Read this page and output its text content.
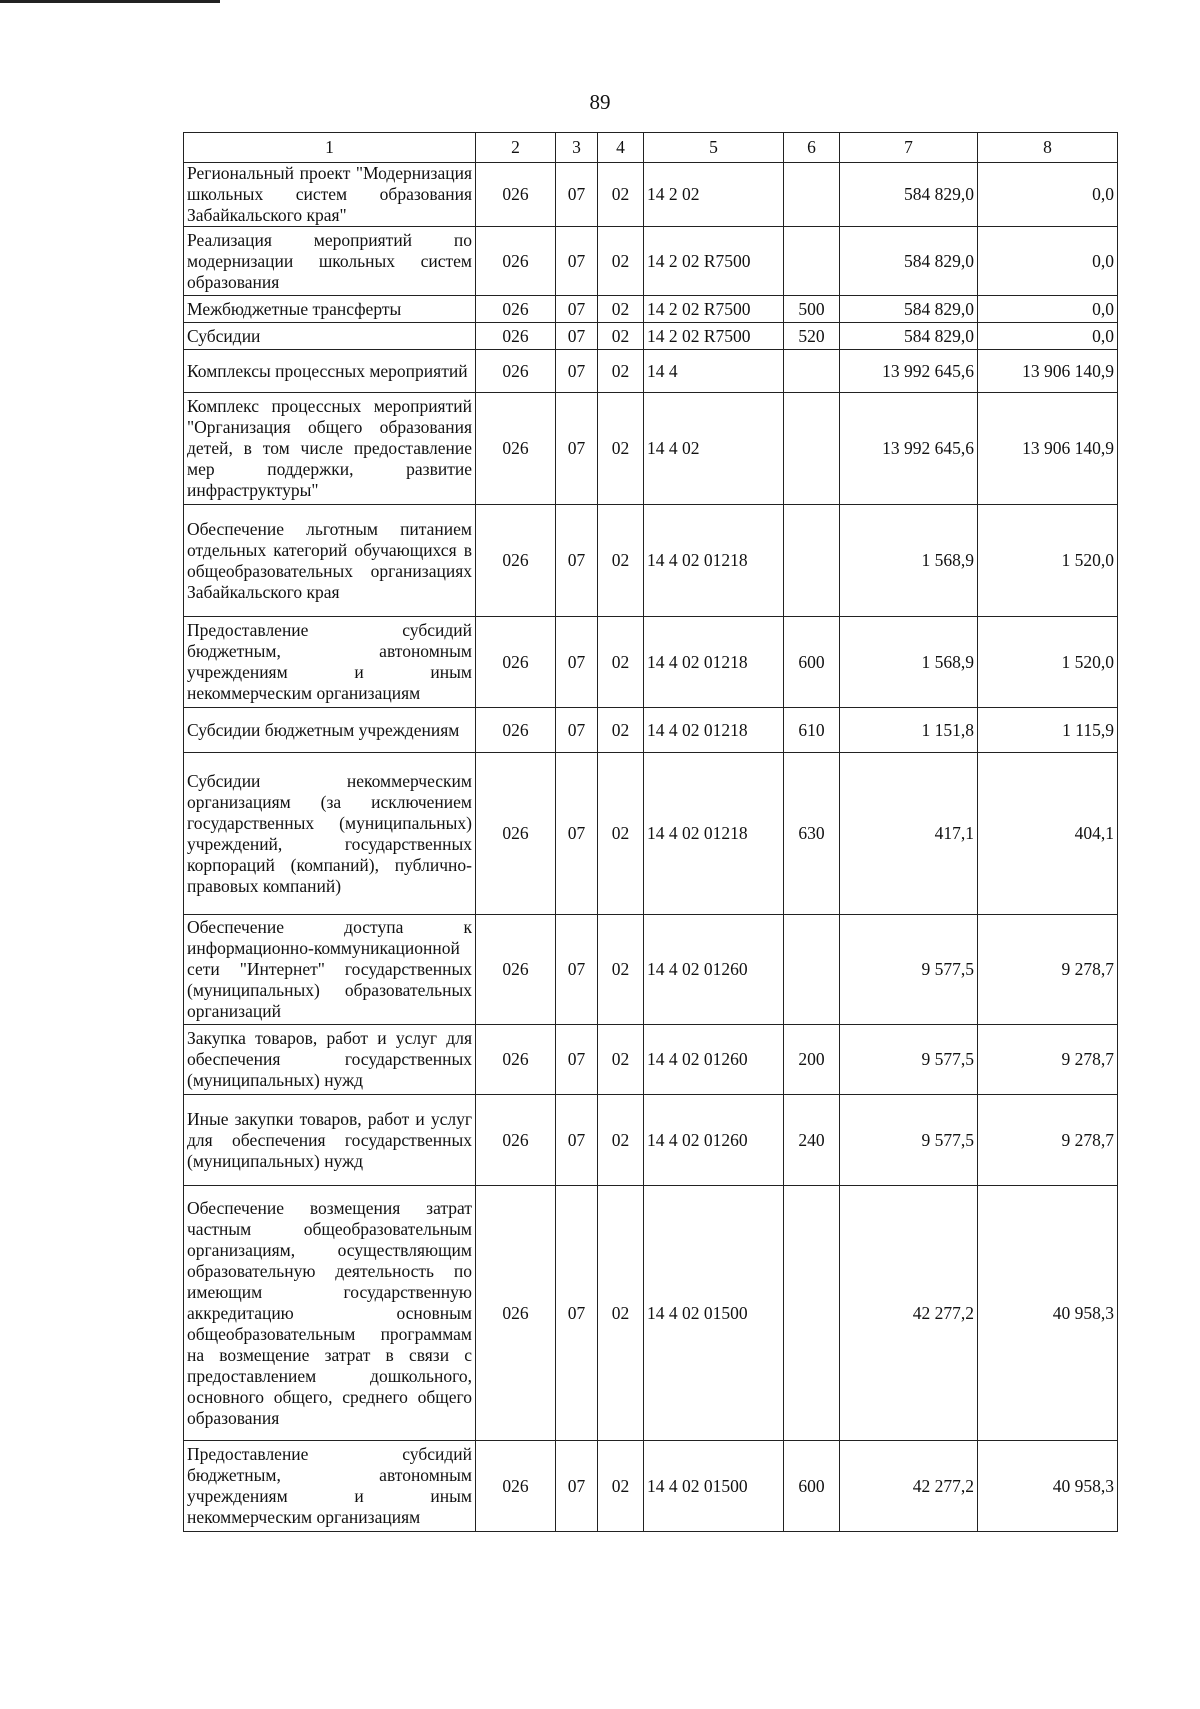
89
1	2	3	4	5	6	7	8
Региональный проект "Модернизация школьных систем образования Забайкальского края"	026	07	02	14 2 02		584 829,0	0,0
Реализация мероприятий по модернизации школьных систем образования	026	07	02	14 2 02 R7500		584 829,0	0,0
Межбюджетные трансферты	026	07	02	14 2 02 R7500	500	584 829,0	0,0
Субсидии	026	07	02	14 2 02 R7500	520	584 829,0	0,0
Комплексы процессных мероприятий	026	07	02	14 4		13 992 645,6	13 906 140,9
Комплекс процессных мероприятий "Организация общего образования детей, в том числе предоставление мер поддержки, развитие инфраструктуры"	026	07	02	14 4 02		13 992 645,6	13 906 140,9
Обеспечение льготным питанием отдельных категорий обучающихся в общеобразовательных организациях Забайкальского края	026	07	02	14 4 02 01218		1 568,9	1 520,0
Предоставление субсидий бюджетным, автономным учреждениям и иным некоммерческим организациям	026	07	02	14 4 02 01218	600	1 568,9	1 520,0
Субсидии бюджетным учреждениям	026	07	02	14 4 02 01218	610	1 151,8	1 115,9
Субсидии некоммерческим организациям (за исключением государственных (муниципальных) учреждений, государственных корпораций (компаний), публично-правовых компаний)	026	07	02	14 4 02 01218	630	417,1	404,1
Обеспечение доступа к информационно-коммуникационной сети "Интернет" государственных (муниципальных) образовательных организаций	026	07	02	14 4 02 01260		9 577,5	9 278,7
Закупка товаров, работ и услуг для обеспечения государственных (муниципальных) нужд	026	07	02	14 4 02 01260	200	9 577,5	9 278,7
Иные закупки товаров, работ и услуг для обеспечения государственных (муниципальных) нужд	026	07	02	14 4 02 01260	240	9 577,5	9 278,7
Обеспечение возмещения затрат частным общеобразовательным организациям, осуществляющим образовательную деятельность по имеющим государственную аккредитацию основным общеобразовательным программам на возмещение затрат в связи с предоставлением дошкольного, основного общего, среднего общего образования	026	07	02	14 4 02 01500		42 277,2	40 958,3
Предоставление субсидий бюджетным, автономным учреждениям и иным некоммерческим организациям	026	07	02	14 4 02 01500	600	42 277,2	40 958,3
